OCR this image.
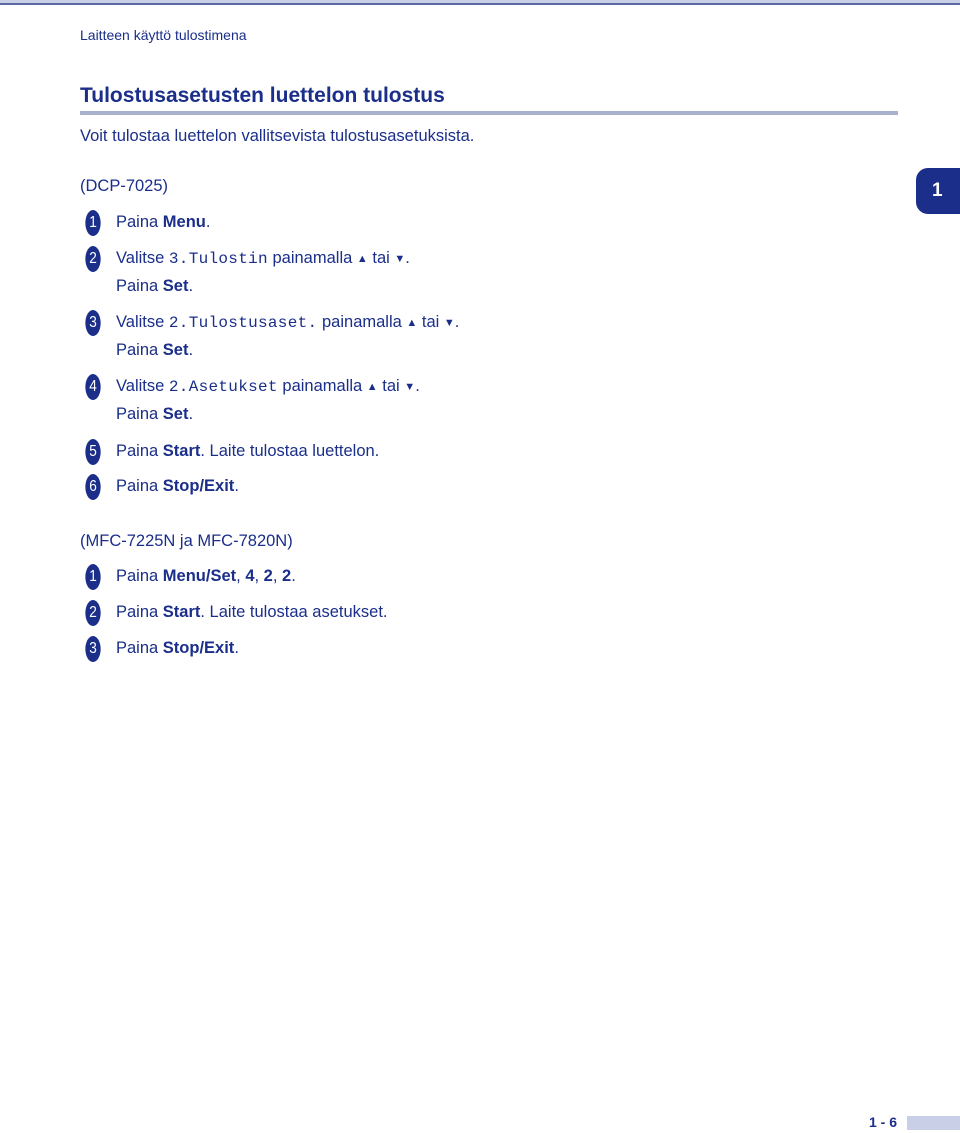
Laitteen käyttö tulostimena
Tulostusasetusten luettelon tulostus
Voit tulostaa luettelon vallitsevista tulostusasetuksista.
1
(DCP-7025)
1 Paina Menu.
2 Valitse 3.Tulostin painamalla ▲ tai ▼.
Paina Set.
3 Valitse 2.Tulostusaset. painamalla ▲ tai ▼.
Paina Set.
4 Valitse 2.Asetukset painamalla ▲ tai ▼.
Paina Set.
5 Paina Start. Laite tulostaa luettelon.
6 Paina Stop/Exit.
(MFC-7225N ja MFC-7820N)
1 Paina Menu/Set, 4, 2, 2.
2 Paina Start. Laite tulostaa asetukset.
3 Paina Stop/Exit.
1 - 6
